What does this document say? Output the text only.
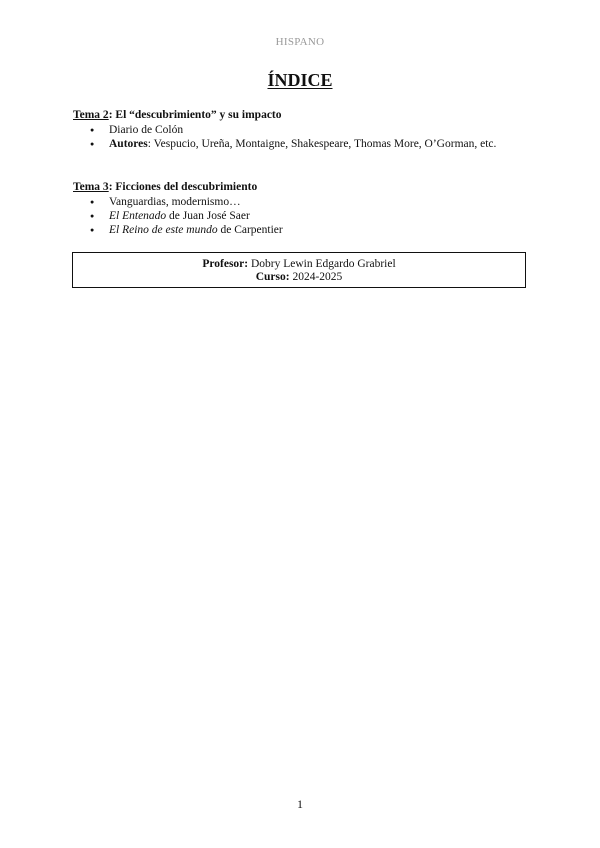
HISPANO
ÍNDICE
Tema 2: El “descubrimiento” y su impacto
● Diario de Colón
● Autores: Vespucio, Ureña, Montaigne, Shakespeare, Thomas More, O’Gorman, etc.
Tema 3: Ficciones del descubrimiento
● Vanguardias, modernismo…
● El Entenado de Juan José Saer
● El Reino de este mundo de Carpentier
Profesor: Dobry Lewin Edgardo Grabriel
Curso: 2024-2025
1
